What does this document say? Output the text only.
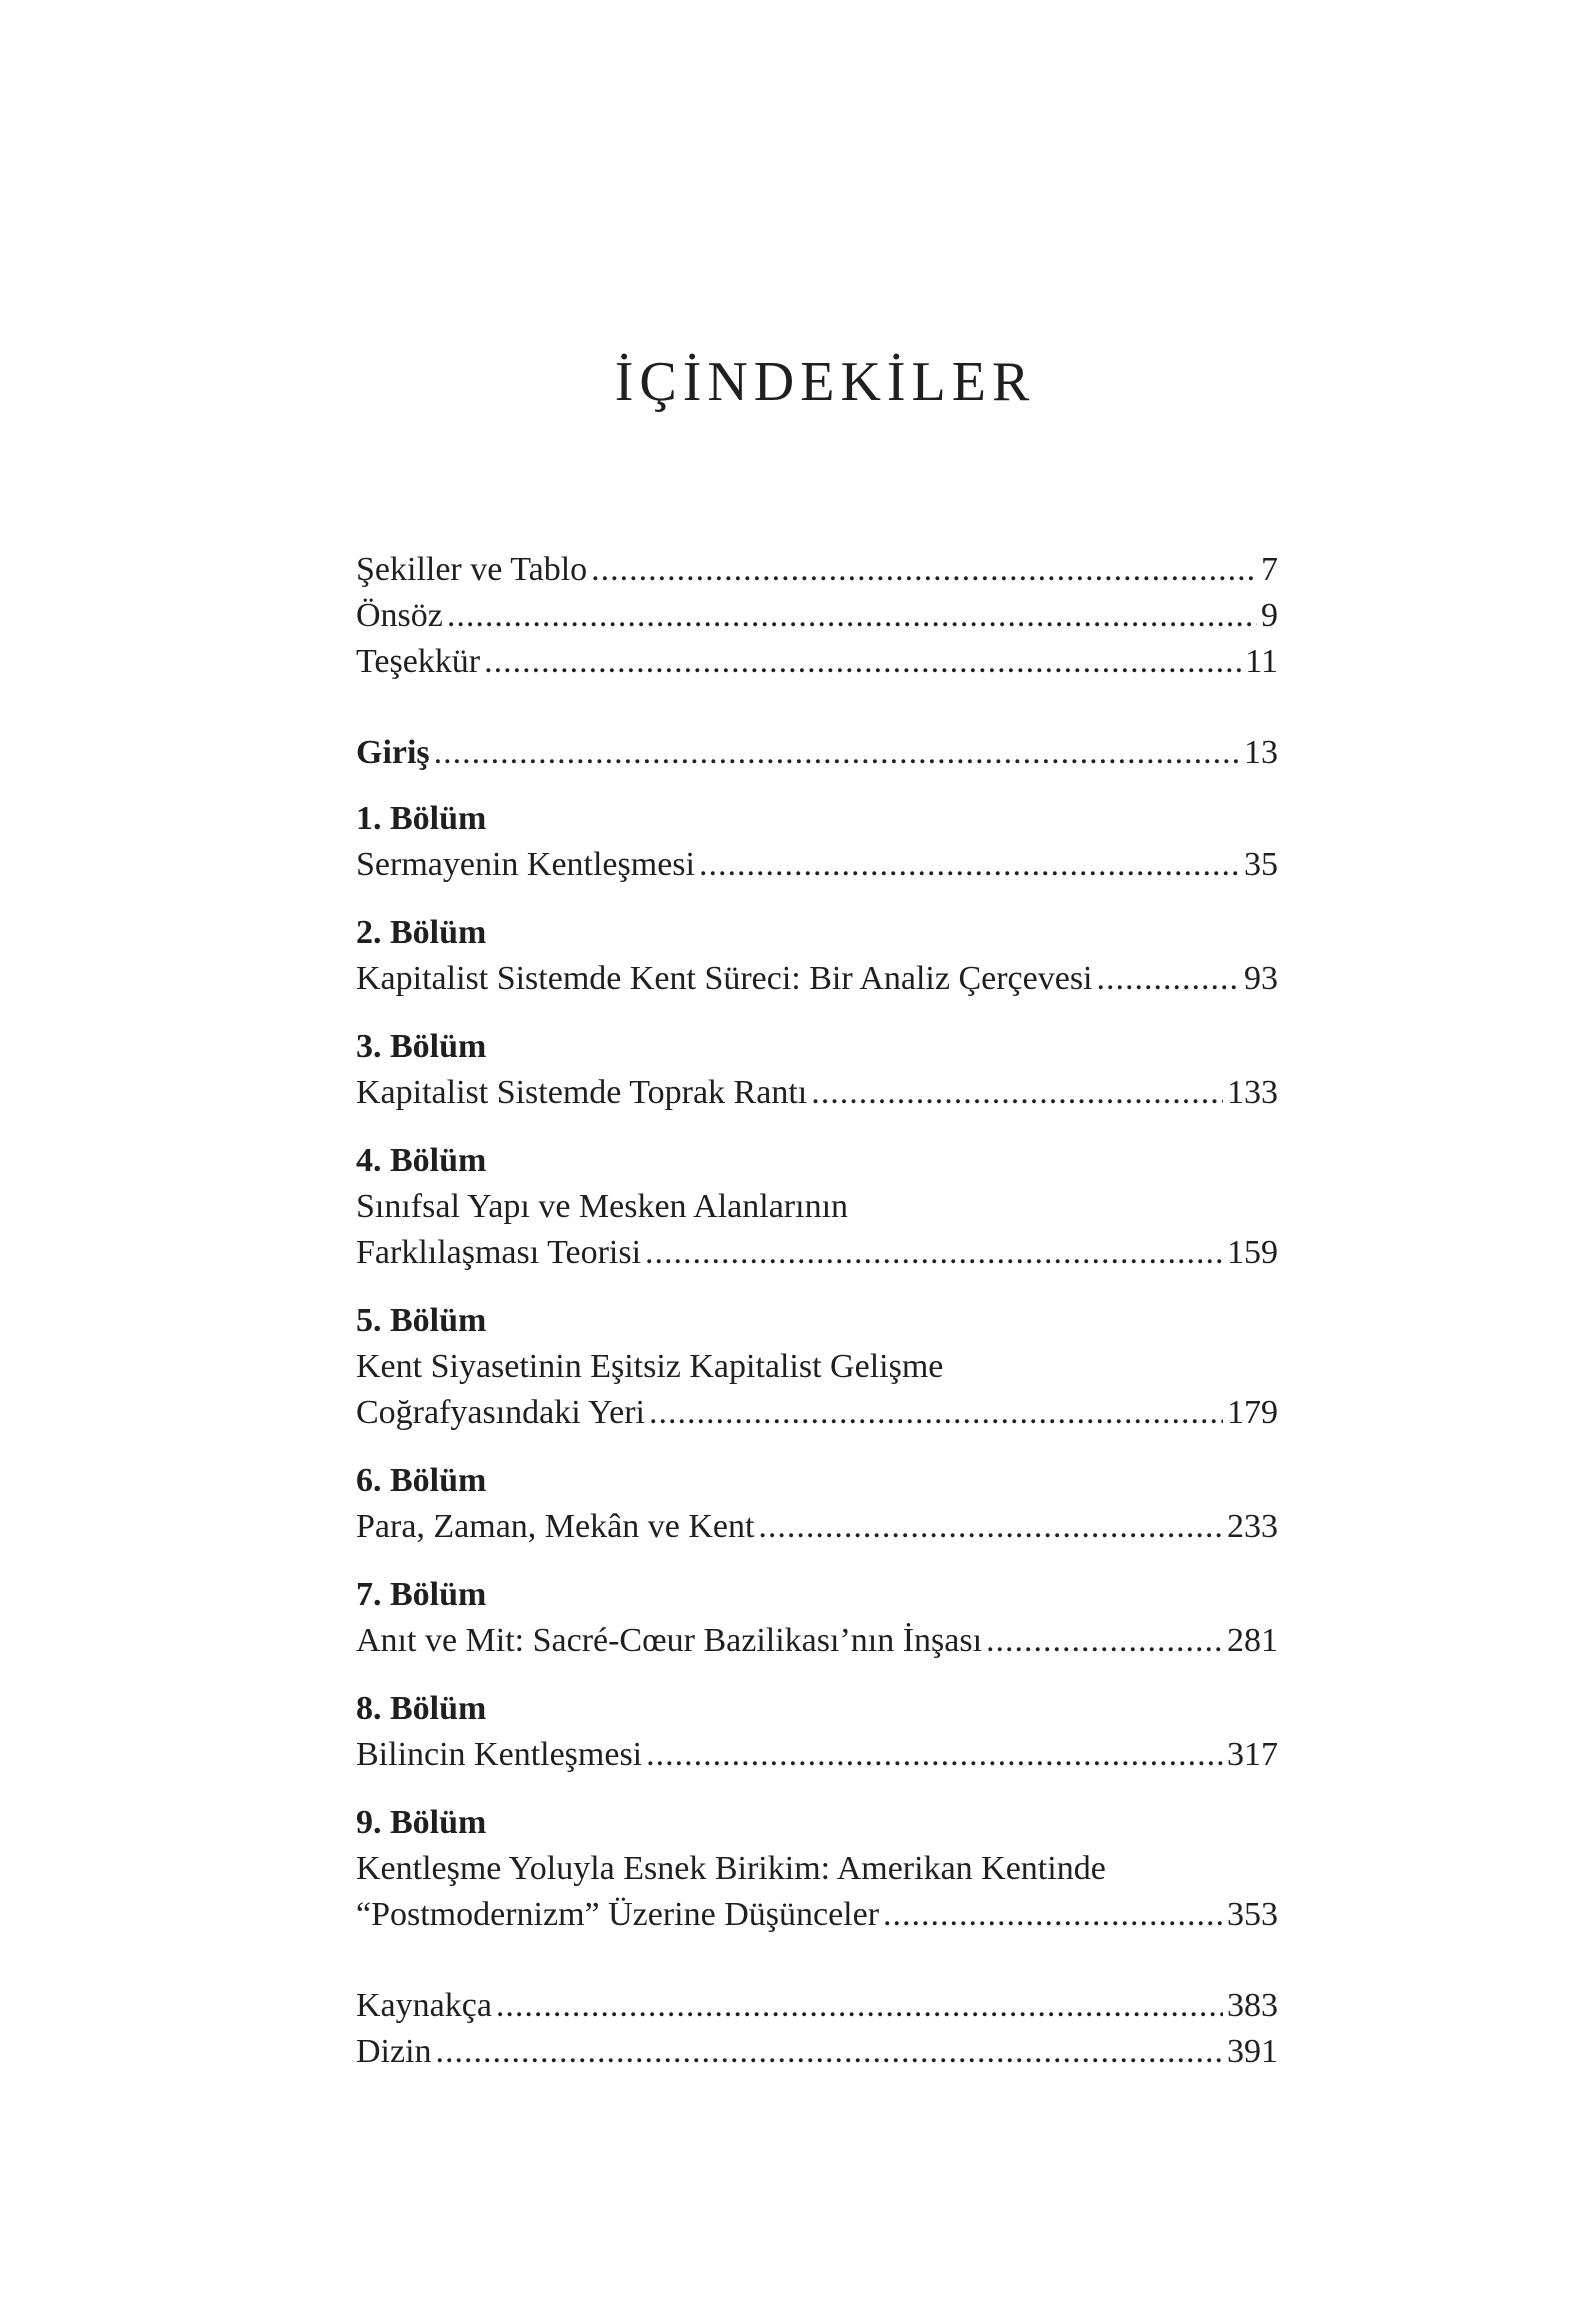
İÇİNDEKİLER
Şekiller ve Tablo .....	7
Önsöz .....	9
Teşekkür .....	11
Giriş .....	13
1. Bölüm
Sermayenin Kentleşmesi .....	35
2. Bölüm
Kapitalist Sistemde Kent Süreci: Bir Analiz Çerçevesi .....	93
3. Bölüm
Kapitalist Sistemde Toprak Rantı .....	133
4. Bölüm
Sınıfsal Yapı ve Mesken Alanlarının
Farklılaşması Teorisi .....	159
5. Bölüm
Kent Siyasetinin Eşitsiz Kapitalist Gelişme
Coğrafyasındaki Yeri .....	179
6. Bölüm
Para, Zaman, Mekân ve Kent .....	233
7. Bölüm
Anıt ve Mit: Sacré-Cœur Bazilikası’nın İnşası .....	281
8. Bölüm
Bilincin Kentleşmesi .....	317
9. Bölüm
Kentleşme Yoluyla Esnek Birikim: Amerikan Kentinde
“Postmodernizm” Üzerine Düşünceler .....	353
Kaynakça .....	383
Dizin .....	391
